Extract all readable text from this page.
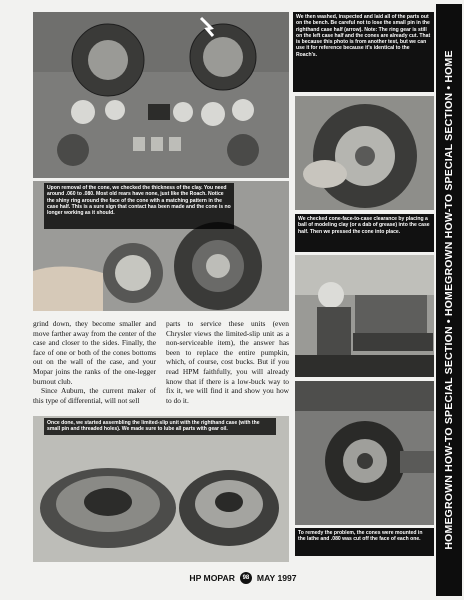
We then washed, inspected and laid all of the parts out on the bench. Be careful not to lose the small pin in the righthand case half (arrow). Note: The ring gear is still on the left case half and the cones are already cut. That is because this photo is from another test, but we can use it for reference because it's identical to the Roach's.
We checked cone-face-to-case clearance by placing a ball of modeling clay (or a dab of grease) into the case half. Then we pressed the cone into place.
To remedy the problem, the cones were mounted in the lathe and .080 was cut off the face of each one.
Upon removal of the cone, we checked the thickness of the clay. You need around .060 to .080. Most old rears have none, just like the Roach. Notice the shiny ring around the face of the cone with a matching pattern in the case half. This is a sure sign that contact has been made and the cone is no longer working as it should.

grind down, they become smaller and move farther away from the center of the case and closer to the sides. Finally, the face of one or both of the cones bottoms out on the wall of the case, and your Mopar joins the ranks of the one-legger burnout club.

Since Auburn, the current maker of this type of differential, will not sell

parts to service these units (even Chrysler views the limited-slip unit as a non-serviceable item), the answer has been to replace the entire pumpkin, which, of course, cost bucks. But if you read HPM faithfully, you will already know that if there is a low-buck way to fix it, we will find it and show you how to do it.

Once done, we started assembling the limited-slip unit with the righthand case (with the small pin and threaded holes). We made sure to lube all parts with gear oil.	HOMEGROWN HOW-TO SPECIAL SECTION • HOMEGROWN HOW-TO SPECIAL SECTION • HOME
HP MOPAR	98 MAY 1997
